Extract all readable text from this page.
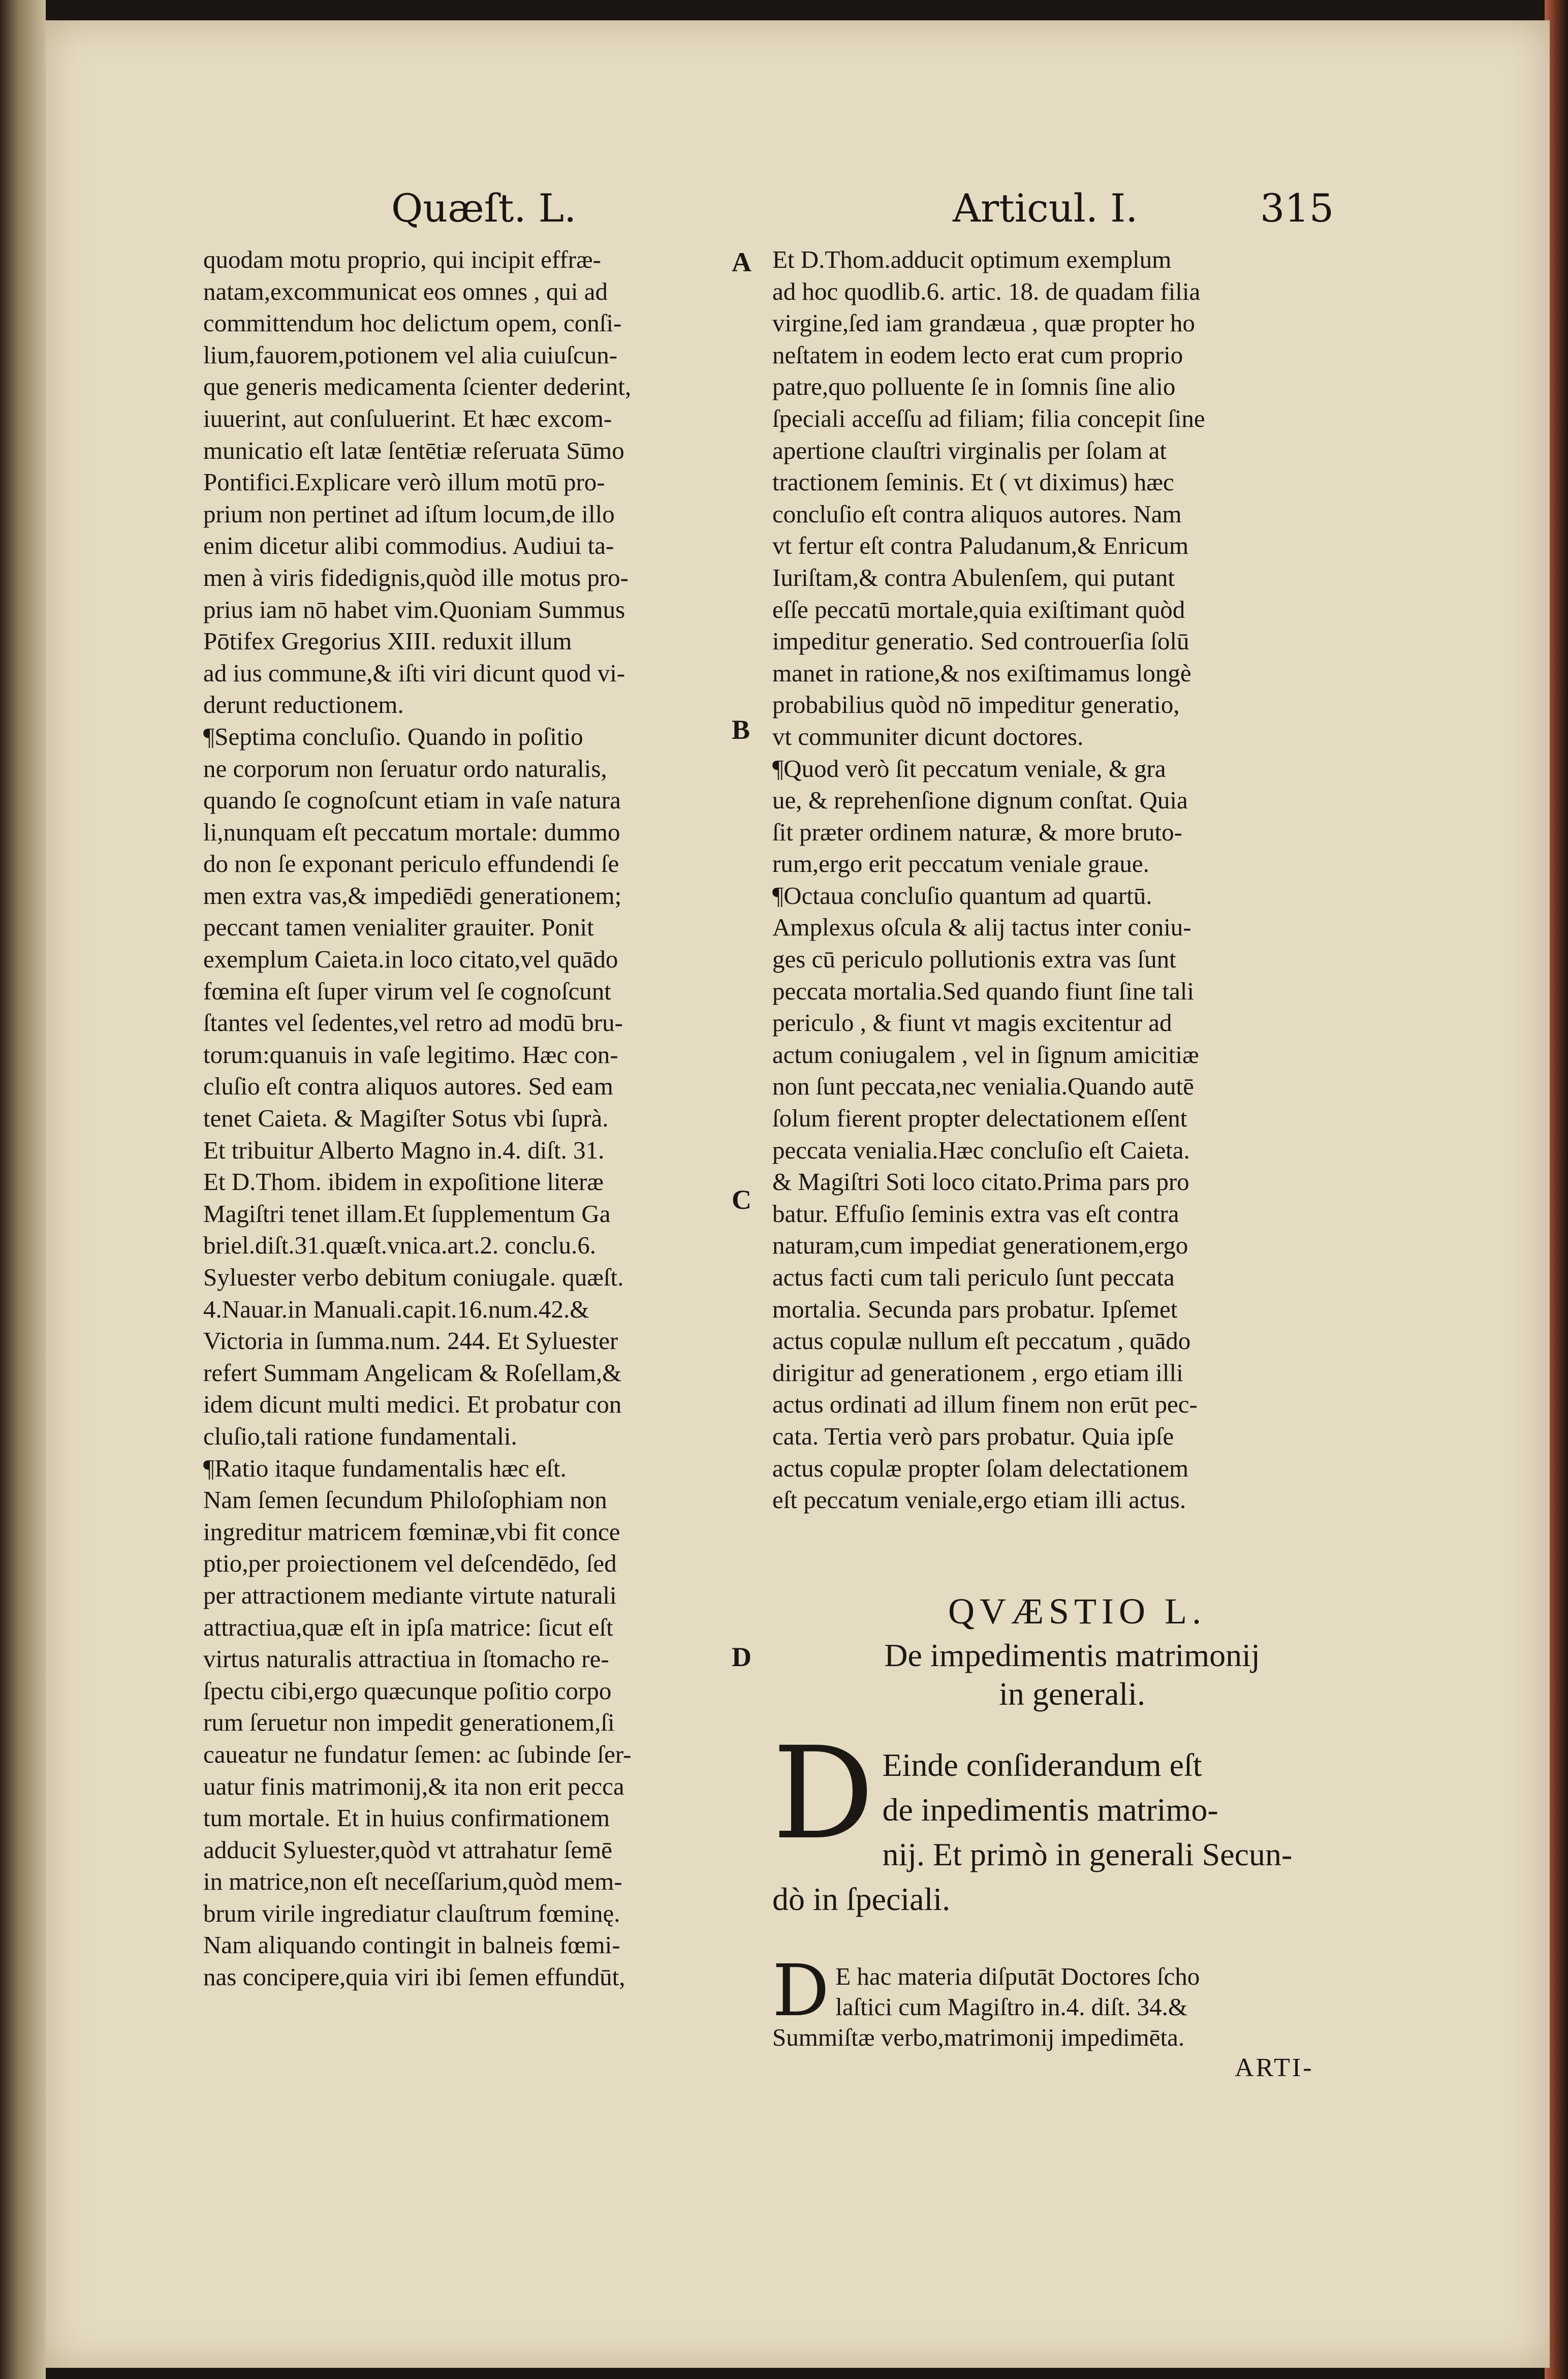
Quæſt. L.	Articul. I.	315
quodam motu proprio, qui incipit effræ-
natam,excommunicat eos omnes , qui ad
committendum hoc delictum opem, conſi-
lium,fauorem,potionem vel alia cuiuſcun-
que generis medicamenta ſcienter dederint,
iuuerint, aut conſuluerint. Et hæc excom-
municatio eſt latæ ſentētiæ reſeruata Sūmo
Pontifici.Explicare verò illum motū pro-
prium non pertinet ad iſtum locum,de illo
enim dicetur alibi commodius. Audiui ta-
men à viris fidedignis,quòd ille motus pro-
prius iam nō habet vim.Quoniam Summus
Pōtifex Gregorius XIII. reduxit illum
ad ius commune,& iſti viri dicunt quod vi-
derunt reductionem.
¶Septima concluſio. Quando in poſitio
ne corporum non ſeruatur ordo naturalis,
quando ſe cognoſcunt etiam in vaſe natura
li,nunquam eſt peccatum mortale: dummo
do non ſe exponant periculo effundendi ſe
men extra vas,& impediēdi generationem;
peccant tamen venialiter grauiter. Ponit
exemplum Caieta.in loco citato,vel quādo
fœmina eſt ſuper virum vel ſe cognoſcunt
ſtantes vel ſedentes,vel retro ad modū bru-
torum:quanuis in vaſe legitimo. Hæc con-
cluſio eſt contra aliquos autores. Sed eam
tenet Caieta. & Magiſter Sotus vbi ſuprà.
Et tribuitur Alberto Magno in.4. diſt. 31.
Et D.Thom. ibidem in expoſitione literæ
Magiſtri tenet illam.Et ſupplementum Ga
briel.diſt.31.quæſt.vnica.art.2. conclu.6.
Syluester verbo debitum coniugale. quæſt.
4.Nauar.in Manuali.capit.16.num.42.&
Victoria in ſumma.num. 244. Et Syluester
refert Summam Angelicam & Roſellam,&
idem dicunt multi medici. Et probatur con
cluſio,tali ratione fundamentali.
¶Ratio itaque fundamentalis hæc eſt.
Nam ſemen ſecundum Philoſophiam non
ingreditur matricem fœminæ,vbi fit conce
ptio,per proiectionem vel deſcendēdo, ſed
per attractionem mediante virtute naturali
attractiua,quæ eſt in ipſa matrice: ſicut eſt
virtus naturalis attractiua in ſtomacho re-
ſpectu cibi,ergo quæcunque poſitio corpo
rum ſeruetur non impedit generationem,ſi
caueatur ne fundatur ſemen: ac ſubinde ſer-
uatur finis matrimonij,& ita non erit pecca
tum mortale. Et in huius confirmationem
adducit Syluester,quòd vt attrahatur ſemē
in matrice,non eſt neceſſarium,quòd mem-
brum virile ingrediatur clauſtrum fœminę.
Nam aliquando contingit in balneis fœmi-
nas concipere,quia viri ibi ſemen effundūt,
Et D.Thom.adducit optimum exemplum
ad hoc quodlib.6. artic. 18. de quadam filia
virgine,ſed iam grandæua , quæ propter ho
neſtatem in eodem lecto erat cum proprio
patre,quo polluente ſe in ſomnis ſine alio
ſpeciali acceſſu ad filiam; filia concepit ſine
apertione clauſtri virginalis per ſolam at
tractionem ſeminis. Et ( vt diximus) hæc
concluſio eſt contra aliquos autores. Nam
vt fertur eſt contra Paludanum,& Enricum
Iuriſtam,& contra Abulenſem, qui putant
eſſe peccatū mortale,quia exiſtimant quòd
impeditur generatio. Sed controuerſia ſolū
manet in ratione,& nos exiſtimamus longè
probabilius quòd nō impeditur generatio,
vt communiter dicunt doctores.
¶Quod verò ſit peccatum veniale, & gra
ue, & reprehenſione dignum conſtat. Quia
ſit præter ordinem naturæ, & more bruto-
rum,ergo erit peccatum veniale graue.
¶Octaua concluſio quantum ad quartū.
Amplexus oſcula & alij tactus inter coniu-
ges cū periculo pollutionis extra vas ſunt
peccata mortalia.Sed quando fiunt ſine tali
periculo , & fiunt vt magis excitentur ad
actum coniugalem , vel in ſignum amicitiæ
non ſunt peccata,nec venialia.Quando autē
ſolum fierent propter delectationem eſſent
peccata venialia.Hæc concluſio eſt Caieta.
& Magiſtri Soti loco citato.Prima pars pro
batur. Effuſio ſeminis extra vas eſt contra
naturam,cum impediat generationem,ergo
actus facti cum tali periculo ſunt peccata
mortalia. Secunda pars probatur. Ipſemet
actus copulæ nullum eſt peccatum , quādo
dirigitur ad generationem , ergo etiam illi
actus ordinati ad illum finem non erūt pec-
cata. Tertia verò pars probatur. Quia ipſe
actus copulæ propter ſolam delectationem
eſt peccatum veniale,ergo etiam illi actus.
A
B
C
D
QVÆSTIO L.
De impedimentis matrimonij
in generali.
D Einde conſiderandum eſt
de inpedimentis matrimo-
nij. Et primò in generali Secun-
dò in ſpeciali.
D E hac materia diſputāt Doctores ſcho
laſtici cum Magiſtro in.4. diſt. 34.&
Summiſtæ verbo,matrimonij impedimēta.
ARTI-
